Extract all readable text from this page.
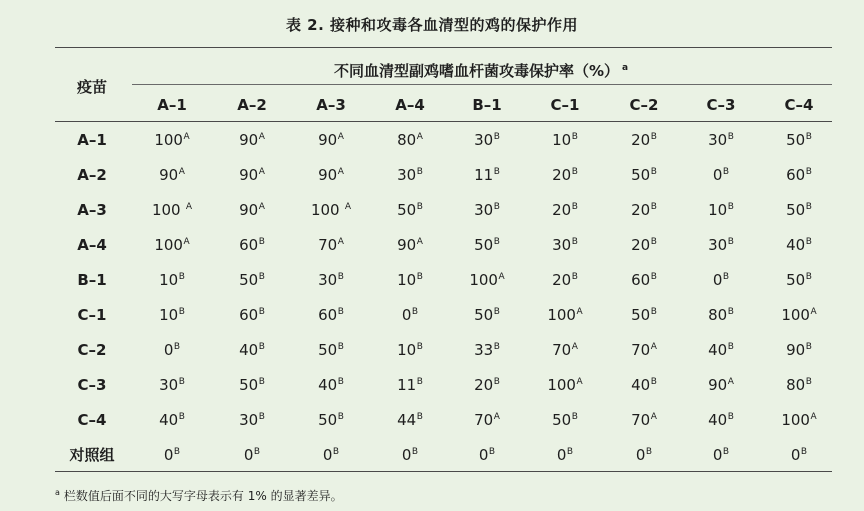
表 2. 接种和攻毒各血清型的鸡的保护作用
不同血清型副鸡嗜血杆菌攻毒保护率（%） $^a$
疫苗
A–1	A–2	A–3	A–4	B–1	C–1	C–2	C–3	C–4
A–1	$100^A$	$90^A$	$90^A$	$80^A$	$30^B$	$10^B$	$20^B$	$30^B$	$50^B$
A–2	$90^A$	$90^A$	$90^A$	$30^B$	$11^B$	$20^B$	$50^B$	$0^B$	$60^B$
A–3	100 $^A$	$90^A$	100 $^A$	$50^B$	$30^B$	$20^B$	$20^B$	$10^B$	$50^B$
A–4	$100^A$	$60^B$	$70^A$	$90^A$	$50^B$	$30^B$	$20^B$	$30^B$	$40^B$
B–1	$10^B$	$50^B$	$30^B$	$10^B$	$100^A$	$20^B$	$60^B$	$0^B$	$50^B$
C–1	$10^B$	$60^B$	$60^B$	$0^B$	$50^B$	$100^A$	$50^B$	$80^B$	$100^A$
C–2	$0^B$	$40^B$	$50^B$	$10^B$	$33^B$	$70^A$	$70^A$	$40^B$	$90^B$
C–3	$30^B$	$50^B$	$40^B$	$11^B$	$20^B$	$100^A$	$40^B$	$90^A$	$80^B$
C–4	$40^B$	$30^B$	$50^B$	$44^B$	$70^A$	$50^B$	$70^A$	$40^B$	$100^A$
对照组	$0^B$	$0^B$	$0^B$	$0^B$	$0^B$	$0^B$	$0^B$	$0^B$	$0^B$
$^a$ 栏数值后面不同的大写字母表示有 1% 的显著差异。
